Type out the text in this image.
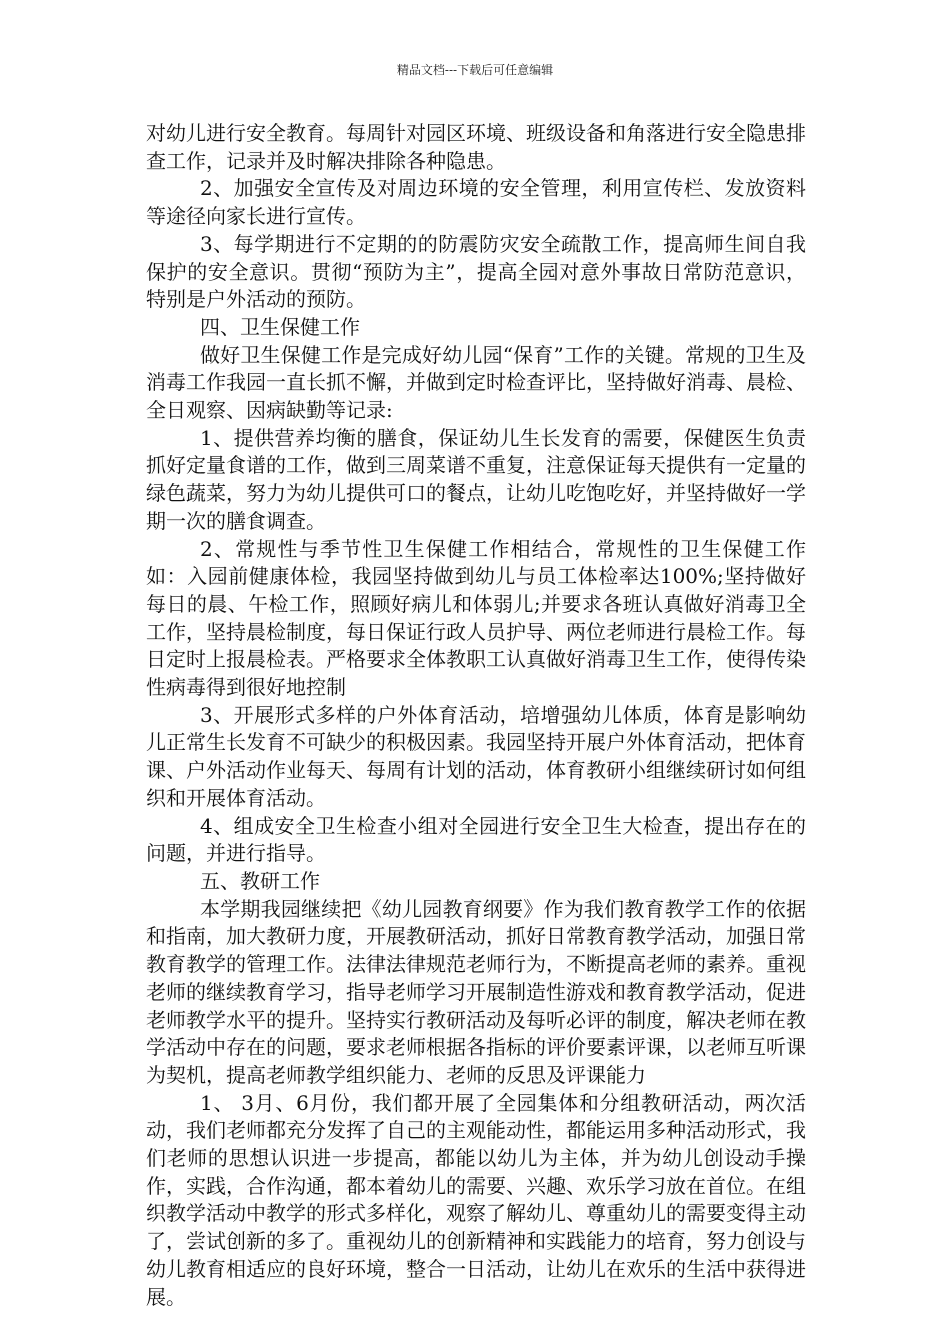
精品文档---下载后可任意编辑

对幼儿进行安全教育。每周针对园区环境、班级设备和角落进行安全隐患排查工作，记录并及时解决排除各种隐患。

2、加强安全宣传及对周边环境的安全管理，利用宣传栏、发放资料等途径向家长进行宣传。

3、每学期进行不定期的的防震防灾安全疏散工作，提高师生间自我保护的安全意识。贯彻“预防为主”，提高全园对意外事故日常防范意识，特别是户外活动的预防。

四、卫生保健工作

做好卫生保健工作是完成好幼儿园“保育”工作的关键。常规的卫生及消毒工作我园一直长抓不懈，并做到定时检查评比，坚持做好消毒、晨检、全日观察、因病缺勤等记录:

1、提供营养均衡的膳食，保证幼儿生长发育的需要，保健医生负责抓好定量食谱的工作，做到三周菜谱不重复，注意保证每天提供有一定量的绿色蔬菜，努力为幼儿提供可口的餐点，让幼儿吃饱吃好，并坚持做好一学期一次的膳食调查。

2、常规性与季节性卫生保健工作相结合，常规性的卫生保健工作如：入园前健康体检，我园坚持做到幼儿与员工体检率达100%;坚持做好每日的晨、午检工作，照顾好病儿和体弱儿;并要求各班认真做好消毒卫全工作，坚持晨检制度，每日保证行政人员护导、两位老师进行晨检工作。每日定时上报晨检表。严格要求全体教职工认真做好消毒卫生工作，使得传染性病毒得到很好地控制

3、开展形式多样的户外体育活动，培增强幼儿体质，体育是影响幼儿正常生长发育不可缺少的积极因素。我园坚持开展户外体育活动，把体育课、户外活动作业每天、每周有计划的活动，体育教研小组继续研讨如何组织和开展体育活动。

4、组成安全卫生检查小组对全园进行安全卫生大检查，提出存在的问题，并进行指导。

五、教研工作

本学期我园继续把《幼儿园教育纲要》作为我们教育教学工作的依据和指南，加大教研力度，开展教研活动，抓好日常教育教学活动，加强日常教育教学的管理工作。法律法律规范老师行为，不断提高老师的素养。重视老师的继续教育学习，指导老师学习开展制造性游戏和教育教学活动，促进老师教学水平的提升。坚持实行教研活动及每听必评的制度，解决老师在教学活动中存在的问题，要求老师根据各指标的评价要素评课，以老师互听课为契机，提高老师教学组织能力、老师的反思及评课能力

1、 3月、6月份，我们都开展了全园集体和分组教研活动，两次活动，我们老师都充分发挥了自己的主观能动性，都能运用多种活动形式，我们老师的思想认识进一步提高，都能以幼儿为主体，并为幼儿创设动手操作，实践，合作沟通，都本着幼儿的需要、兴趣、欢乐学习放在首位。在组织教学活动中教学的形式多样化，观察了解幼儿、尊重幼儿的需要变得主动了，尝试创新的多了。重视幼儿的创新精神和实践能力的培育，努力创设与幼儿教育相适应的良好环境，整合一日活动，让幼儿在欢乐的生活中获得进展。
